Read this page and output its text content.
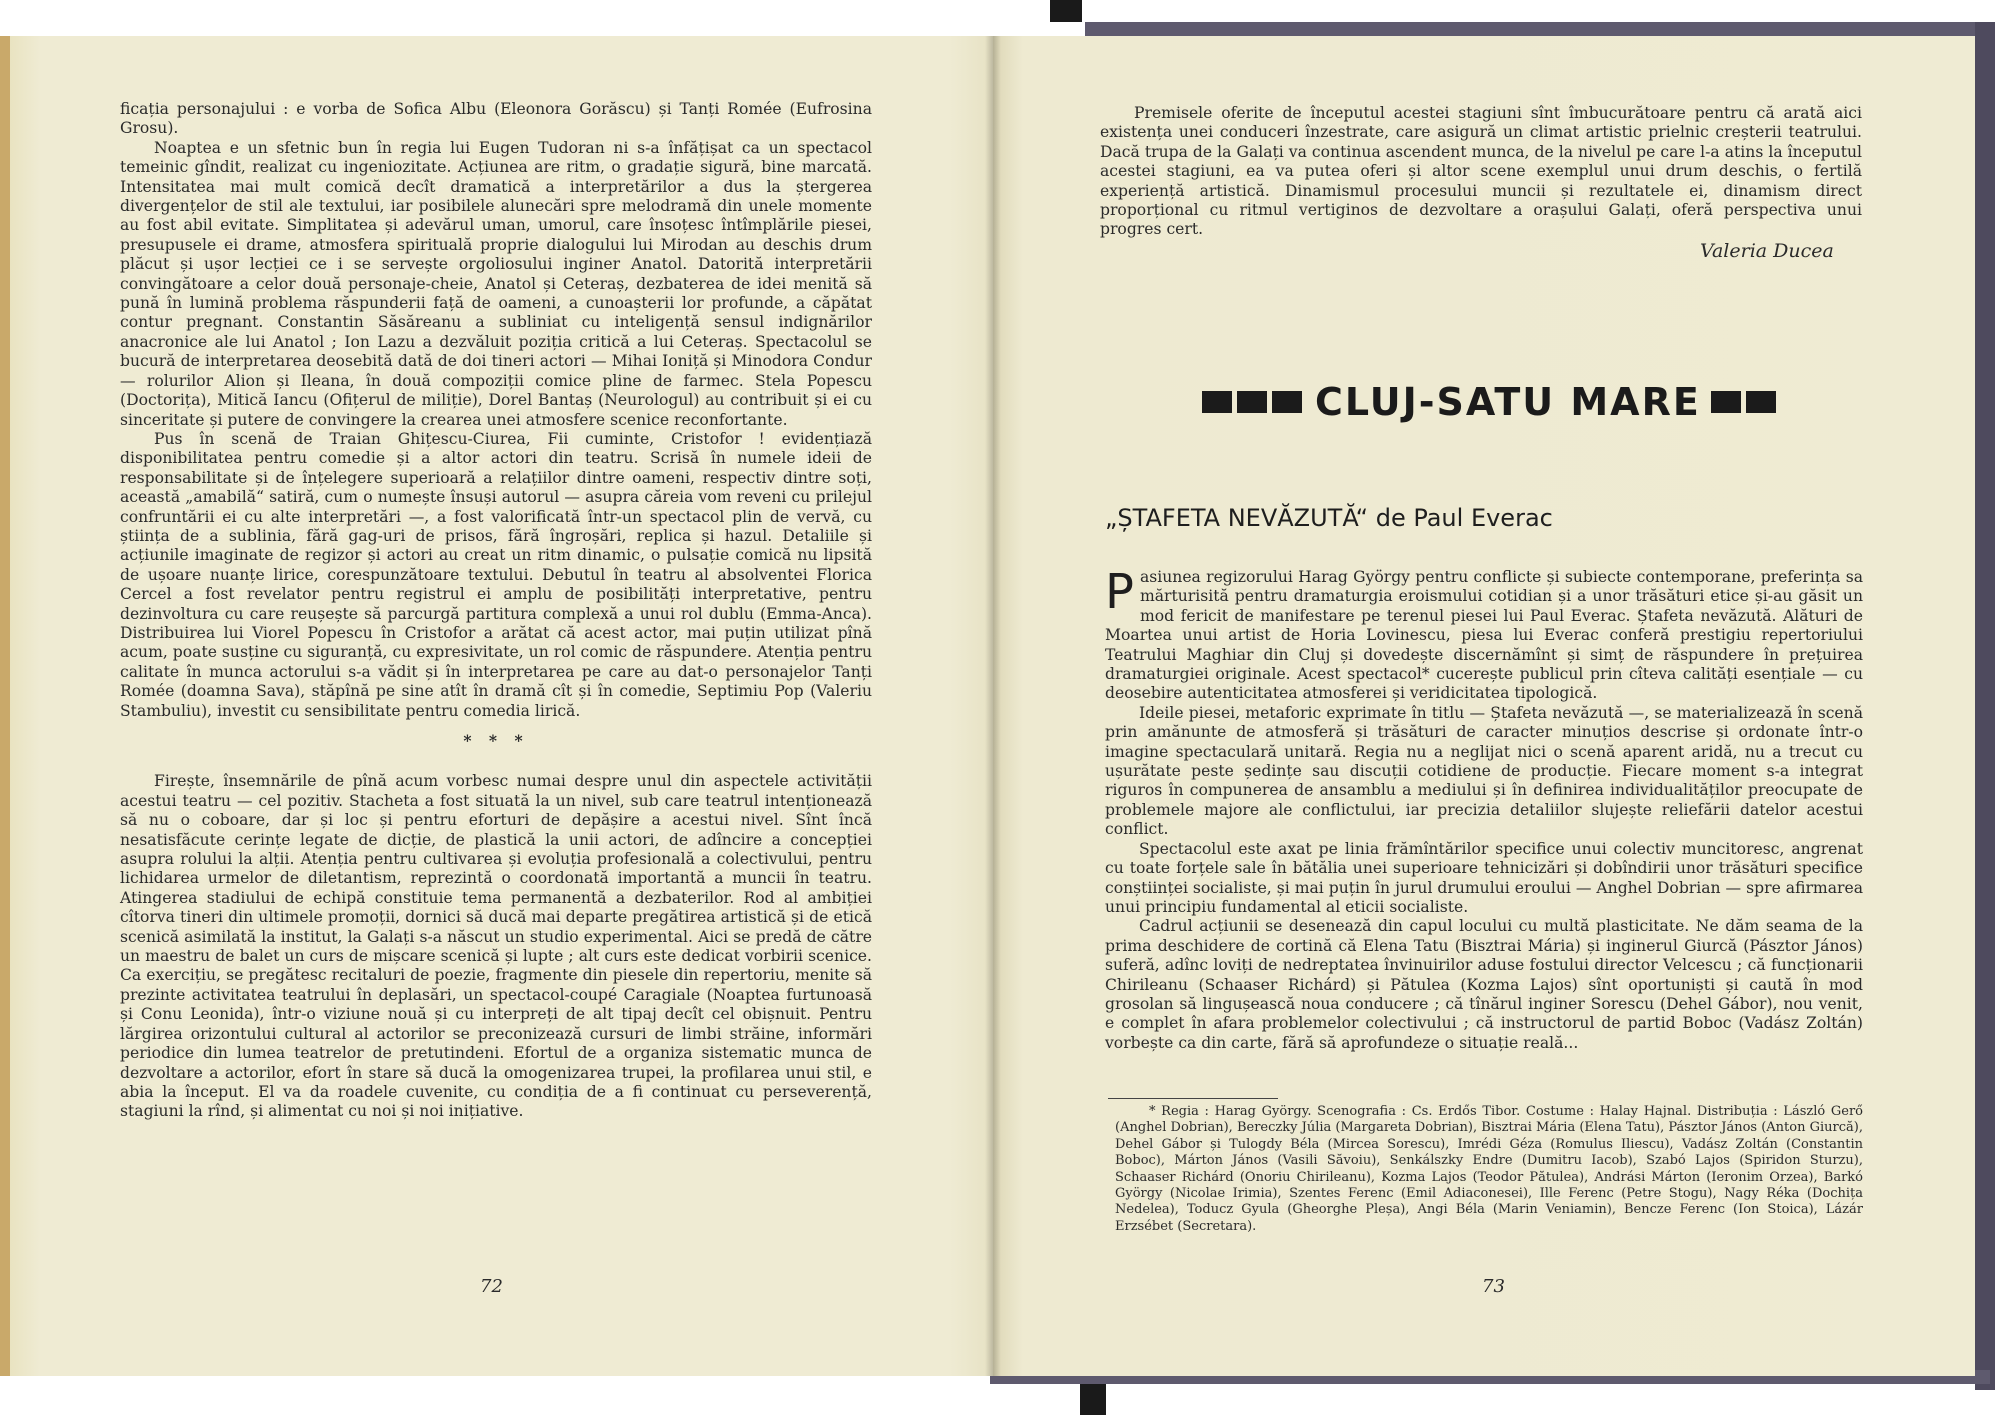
ficația personajului : e vorba de Sofica Albu (Eleonora Gorăscu) și Tanți Romée (Eufrosina Grosu).

Noaptea e un sfetnic bun în regia lui Eugen Tudoran ni s-a înfățișat ca un spectacol temeinic gîndit, realizat cu ingeniozitate. Acțiunea are ritm, o gradație sigură, bine marcată. Intensitatea mai mult comică decît dramatică a interpretărilor a dus la ștergerea divergențelor de stil ale textului, iar posibilele alunecări spre melodramă din unele momente au fost abil evitate. Simplitatea și adevărul uman, umorul, care însoțesc întîmplările piesei, presupusele ei drame, atmosfera spirituală proprie dialogului lui Mirodan au deschis drum plăcut și ușor lecției ce i se servește orgoliosului inginer Anatol. Datorită interpretării convingătoare a celor două personaje-cheie, Anatol și Ceteraș, dezbaterea de idei menită să pună în lumină problema răspunderii față de oameni, a cunoașterii lor profunde, a căpătat contur pregnant. Constantin Săsăreanu a subliniat cu inteligență sensul indignărilor anacronice ale lui Anatol ; Ion Lazu a dezvăluit poziția critică a lui Ceteraș. Spectacolul se bucură de interpretarea deosebită dată de doi tineri actori — Mihai Ioniță și Minodora Condur — rolurilor Alion și Ileana, în două compoziții comice pline de farmec. Stela Popescu (Doctorița), Mitică Iancu (Ofițerul de miliție), Dorel Bantaș (Neurologul) au contribuit și ei cu sinceritate și putere de convingere la crearea unei atmosfere scenice reconfortante.

Pus în scenă de Traian Ghițescu-Ciurea, Fii cuminte, Cristofor ! evidențiază disponibilitatea pentru comedie și a altor actori din teatru. Scrisă în numele ideii de responsabilitate și de înțelegere superioară a relațiilor dintre oameni, respectiv dintre soți, această „amabilă“ satiră, cum o numește însuși autorul — asupra căreia vom reveni cu prilejul confruntării ei cu alte interpretări —, a fost valorificată într-un spectacol plin de vervă, cu știința de a sublinia, fără gag-uri de prisos, fără îngroșări, replica și hazul. Detaliile și acțiunile imaginate de regizor și actori au creat un ritm dinamic, o pulsație comică nu lipsită de ușoare nuanțe lirice, corespunzătoare textului. Debutul în teatru al absolventei Florica Cercel a fost revelator pentru registrul ei amplu de posibilități interpretative, pentru dezinvoltura cu care reușește să parcurgă partitura complexă a unui rol dublu (Emma-Anca). Distribuirea lui Viorel Popescu în Cristofor a arătat că acest actor, mai puțin utilizat pînă acum, poate susține cu siguranță, cu expresivitate, un rol comic de răspundere. Atenția pentru calitate în munca actorului s-a vădit și în interpretarea pe care au dat-o personajelor Tanți Romée (doamna Sava), stăpînă pe sine atît în dramă cît și în comedie, Septimiu Pop (Valeriu Stambuliu), investit cu sensibilitate pentru comedia lirică.

* * *

Firește, însemnările de pînă acum vorbesc numai despre unul din aspectele activității acestui teatru — cel pozitiv. Stacheta a fost situată la un nivel, sub care teatrul intenționează să nu o coboare, dar și loc și pentru eforturi de depășire a acestui nivel. Sînt încă nesatisfăcute cerințe legate de dicție, de plastică la unii actori, de adîncire a concepției asupra rolului la alții. Atenția pentru cultivarea și evoluția profesională a colectivului, pentru lichidarea urmelor de diletantism, reprezintă o coordonată importantă a muncii în teatru. Atingerea stadiului de echipă constituie tema permanentă a dezbaterilor. Rod al ambiției cîtorva tineri din ultimele promoții, dornici să ducă mai departe pregătirea artistică și de etică scenică asimilată la institut, la Galați s-a născut un studio experimental. Aici se predă de către un maestru de balet un curs de mișcare scenică și lupte ; alt curs este dedicat vorbirii scenice. Ca exercițiu, se pregătesc recitaluri de poezie, fragmente din piesele din repertoriu, menite să prezinte activitatea teatrului în deplasări, un spectacol-coupé Caragiale (Noaptea furtunoasă și Conu Leonida), într-o viziune nouă și cu interpreți de alt tipaj decît cel obișnuit. Pentru lărgirea orizontului cultural al actorilor se preconizează cursuri de limbi străine, informări periodice din lumea teatrelor de pretutindeni. Efortul de a organiza sistematic munca de dezvoltare a actorilor, efort în stare să ducă la omogenizarea trupei, la profilarea unui stil, e abia la început. El va da roadele cuvenite, cu condiția de a fi continuat cu perseverență, stagiuni la rînd, și alimentat cu noi și noi inițiative.

72

Premisele oferite de începutul acestei stagiuni sînt îmbucurătoare pentru că arată aici existența unei conduceri înzestrate, care asigură un climat artistic prielnic creșterii teatrului. Dacă trupa de la Galați va continua ascendent munca, de la nivelul pe care l-a atins la începutul acestei stagiuni, ea va putea oferi și altor scene exemplul unui drum deschis, o fertilă experiență artistică. Dinamismul procesului muncii și rezultatele ei, dinamism direct proporțional cu ritmul vertiginos de dezvoltare a orașului Galați, oferă perspectiva unui progres cert.

Valeria Ducea
CLUJ-SATU MARE
„ȘTAFETA NEVĂZUTĂ“ de Paul Everac

Pasiunea regizorului Harag György pentru conflicte și subiecte contemporane, preferința sa mărturisită pentru dramaturgia eroismului cotidian și a unor trăsături etice și-au găsit un mod fericit de manifestare pe terenul piesei lui Paul Everac. Ștafeta nevăzută. Alături de Moartea unui artist de Horia Lovinescu, piesa lui Everac conferă prestigiu repertoriului Teatrului Maghiar din Cluj și dovedește discernămînt și simț de răspundere în prețuirea dramaturgiei originale. Acest spectacol* cucerește publicul prin cîteva calități esențiale — cu deosebire autenticitatea atmosferei și veridicitatea tipologică.

Ideile piesei, metaforic exprimate în titlu — Ștafeta nevăzută —, se materializează în scenă prin amănunte de atmosferă și trăsături de caracter minuțios descrise și ordonate într-o imagine spectaculară unitară. Regia nu a neglijat nici o scenă aparent aridă, nu a trecut cu ușurătate peste ședințe sau discuții cotidiene de producție. Fiecare moment s-a integrat riguros în compunerea de ansamblu a mediului și în definirea individualităților preocupate de problemele majore ale conflictului, iar precizia detaliilor slujește reliefării datelor acestui conflict.

Spectacolul este axat pe linia frămîntărilor specifice unui colectiv muncitoresc, angrenat cu toate forțele sale în bătălia unei superioare tehnicizări și dobîndirii unor trăsături specifice conștiinței socialiste, și mai puțin în jurul drumului eroului — Anghel Dobrian — spre afirmarea unui principiu fundamental al eticii socialiste.

Cadrul acțiunii se desenează din capul locului cu multă plasticitate. Ne dăm seama de la prima deschidere de cortină că Elena Tatu (Bisztrai Mária) și inginerul Giurcă (Pásztor János) suferă, adînc loviți de nedreptatea învinuirilor aduse fostului director Velcescu ; că funcționarii Chirileanu (Schaaser Richárd) și Pătulea (Kozma Lajos) sînt oportuniști și caută în mod grosolan să lingușească noua conducere ; că tînărul inginer Sorescu (Dehel Gábor), nou venit, e complet în afara problemelor colectivului ; că instructorul de partid Boboc (Vadász Zoltán) vorbește ca din carte, fără să aprofundeze o situație reală...

* Regia : Harag György. Scenografia : Cs. Erdős Tibor. Costume : Halay Hajnal. Distribuția : László Gerő (Anghel Dobrian), Bereczky Júlia (Margareta Dobrian), Bisztrai Mária (Elena Tatu), Pásztor János (Anton Giurcă), Dehel Gábor și Tulogdy Béla (Mircea Sorescu), Imrédi Géza (Romulus Iliescu), Vadász Zoltán (Constantin Boboc), Márton János (Vasili Săvoiu), Senkálszky Endre (Dumitru Iacob), Szabó Lajos (Spiridon Sturzu), Schaaser Richárd (Onoriu Chirileanu), Kozma Lajos (Teodor Pătulea), Andrási Márton (Ieronim Orzea), Barkó György (Nicolae Irimia), Szentes Ferenc (Emil Adiaconesei), Ille Ferenc (Petre Stogu), Nagy Réka (Dochița Nedelea), Toducz Gyula (Gheorghe Pleșa), Angi Béla (Marin Veniamin), Bencze Ferenc (Ion Stoica), Lázár Erzsébet (Secretara).

73
